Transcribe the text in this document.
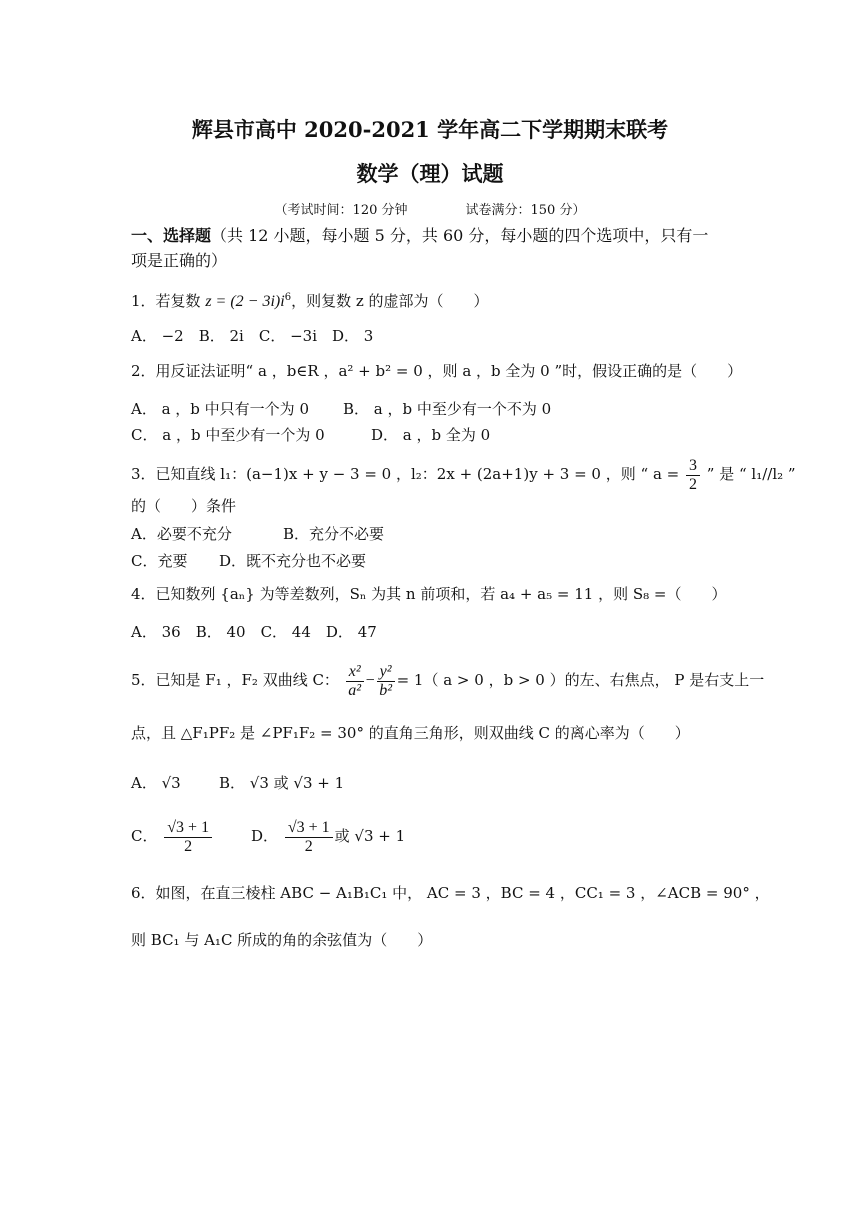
辉县市高中 2020-2021 学年高二下学期期末联考
数学（理）试题
（考试时间：120 分钟	试卷满分：150 分）
一、选择题（共 12 小题，每小题 5 分，共 60 分，每小题的四个选项中，只有一
项是正确的）
1．若复数 $z = (2 - 3i)i^6$，则复数 z 的虚部为（　　）
A． −2　B． 2i　C． −3i　D． 3
2．用反证法证明“ a ，b∈R ，a² + b² = 0 ，则 a ，b 全为 0 ”时，假设正确的是（　　）
A． a ，b 中只有一个为 0 B． a ，b 中至少有一个不为 0
C． a ，b 中至少有一个为 0	D． a ，b 全为 0
3．已知直线 l₁：(a−1)x + y − 3 = 0 ，l₂：2x + (2a+1)y + 3 = 0 ，则 “ $a = \frac{3}{2}$ ” 是 “ l₁//l₂ ”
的（　　）条件
A．必要不充分	B．充分不必要
C．充要 D．既不充分也不必要
4．已知数列 {aₙ} 为等差数列，Sₙ 为其 n 前项和，若 a₄ + a₅ = 11 ，则 S₈ =（　　）
A． 36　B． 40　C． 44　D． 47
5．已知是 F₁ ，F₂ 双曲线 C： $\frac{\text{x²}}{\text{a²}} - \frac{\text{y²}}{\text{b²}} = 1$（ a > 0 ，b > 0 ）的左、右焦点， P 是右支上一
点，且 △F₁PF₂ 是 ∠PF₁F₂ = 30° 的直角三角形，则双曲线 C 的离心率为（　　）
A． √3	B． √3 或 √3 + 1
C． $\frac{√3 + 1}{2}$	D． $\frac{√3 + 1}{2}$ 或 √3 + 1
6．如图，在直三棱柱 ABC − A₁B₁C₁ 中， AC = 3 ，BC = 4 ，CC₁ = 3 ，∠ACB = 90° ，
则 BC₁ 与 A₁C 所成的角的余弦值为（　　）
